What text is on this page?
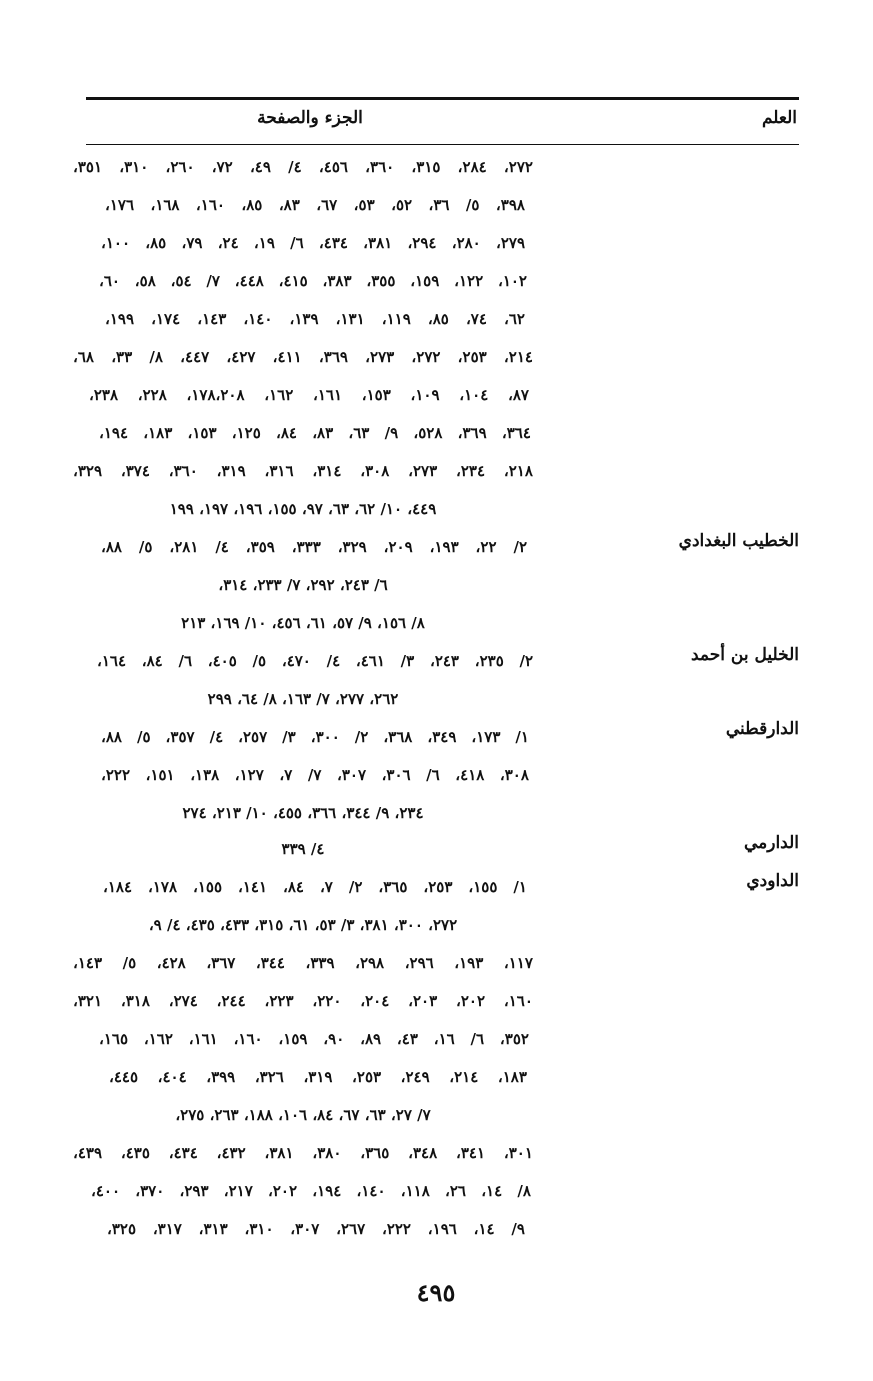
العلم
الجزء والصفحة
الخطيب البغدادي
الخليل بن أحمد
الدارقطني
الدارمي
الداودي
٢٧٢، ٢٨٤، ٣١٥، ٣٦٠، ٤٥٦، ٤/ ٤٩، ٧٢، ٢٦٠، ٣١٠، ٣٥١،
٣٩٨، ٥/ ٣٦، ٥٢، ٥٣، ٦٧، ٨٣، ٨٥، ١٦٠، ١٦٨، ١٧٦،
٢٧٩، ٢٨٠، ٢٩٤، ٣٨١، ٤٣٤، ٦/ ١٩، ٢٤، ٧٩، ٨٥، ١٠٠،
١٠٢، ١٢٢، ١٥٩، ٣٥٥، ٣٨٣، ٤١٥، ٤٤٨، ٧/ ٥٤، ٥٨، ٦٠،
٦٢، ٧٤، ٨٥، ١١٩، ١٣١، ١٣٩، ١٤٠، ١٤٣، ١٧٤، ١٩٩،
٢١٤، ٢٥٣، ٢٧٢، ٢٧٣، ٣٦٩، ٤١١، ٤٢٧، ٤٤٧، ٨/ ٣٣، ٦٨،
٨٧، ١٠٤، ١٠٩، ١٥٣، ١٦١، ١٦٢، ١٧٨،٢٠٨، ٢٢٨، ٢٣٨،
٣٦٤، ٣٦٩، ٥٢٨، ٩/ ٦٣، ٨٣، ٨٤، ١٢٥، ١٥٣، ١٨٣، ١٩٤،
٢١٨، ٢٣٤، ٢٧٣، ٣٠٨، ٣١٤، ٣١٦، ٣١٩، ٣٦٠، ٣٧٤، ٣٢٩،
٤٤٩، ١٠/ ٦٢، ٦٣، ٩٧، ١٥٥، ١٩٦، ١٩٧، ١٩٩
٢/ ٢٢، ١٩٣، ٢٠٩، ٣٢٩، ٣٣٣، ٣٥٩، ٤/ ٢٨١، ٥/ ٨٨،
٦/ ٢٤٣، ٢٩٢، ٧/ ٢٣٣، ٣١٤،
٨/ ١٥٦، ٩/ ٥٧، ٦١، ٤٥٦، ١٠/ ١٦٩، ٢١٣
٢/ ٢٣٥، ٢٤٣، ٣/ ٤٦١، ٤/ ٤٧٠، ٥/ ٤٠٥، ٦/ ٨٤، ١٦٤،
٢٦٢، ٢٧٧، ٧/ ١٦٣، ٨/ ٦٤، ٢٩٩
١/ ١٧٣، ٣٤٩، ٣٦٨، ٢/ ٣٠٠، ٣/ ٢٥٧، ٤/ ٣٥٧، ٥/ ٨٨،
٣٠٨، ٤١٨، ٦/ ٣٠٦، ٣٠٧، ٧/ ٧، ١٢٧، ١٣٨، ١٥١، ٢٢٢،
٢٣٤، ٩/ ٣٤٤، ٣٦٦، ٤٥٥، ١٠/ ٢١٣، ٢٧٤
٤/ ٣٣٩
١/ ١٥٥، ٢٥٣، ٣٦٥، ٢/ ٧، ٨٤، ١٤١، ١٥٥، ١٧٨، ١٨٤،
٢٧٢، ٣٠٠، ٣٨١، ٣/ ٥٣، ٦١، ٣١٥، ٤٣٣، ٤٣٥، ٤/ ٩،
١١٧، ١٩٣، ٢٩٦، ٢٩٨، ٣٣٩، ٣٤٤، ٣٦٧، ٤٢٨، ٥/ ١٤٣،
١٦٠، ٢٠٢، ٢٠٣، ٢٠٤، ٢٢٠، ٢٢٣، ٢٤٤، ٢٧٤، ٣١٨، ٣٢١،
٣٥٢، ٦/ ١٦، ٤٣، ٨٩، ٩٠، ١٥٩، ١٦٠، ١٦١، ١٦٢، ١٦٥،
١٨٣، ٢١٤، ٢٤٩، ٢٥٣، ٣١٩، ٣٢٦، ٣٩٩، ٤٠٤، ٤٤٥،
٧/ ٢٧، ٦٣، ٦٧، ٨٤، ١٠٦، ١٨٨، ٢٦٣، ٢٧٥،
٣٠١، ٣٤١، ٣٤٨، ٣٦٥، ٣٨٠، ٣٨١، ٤٣٢، ٤٣٤، ٤٣٥، ٤٣٩،
٨/ ١٤، ٢٦، ١١٨، ١٤٠، ١٩٤، ٢٠٢، ٢١٧، ٢٩٣، ٣٧٠، ٤٠٠،
٩/ ١٤، ١٩٦، ٢٢٢، ٢٦٧، ٣٠٧، ٣١٠، ٣١٣، ٣١٧، ٣٢٥،
٤٩٥
